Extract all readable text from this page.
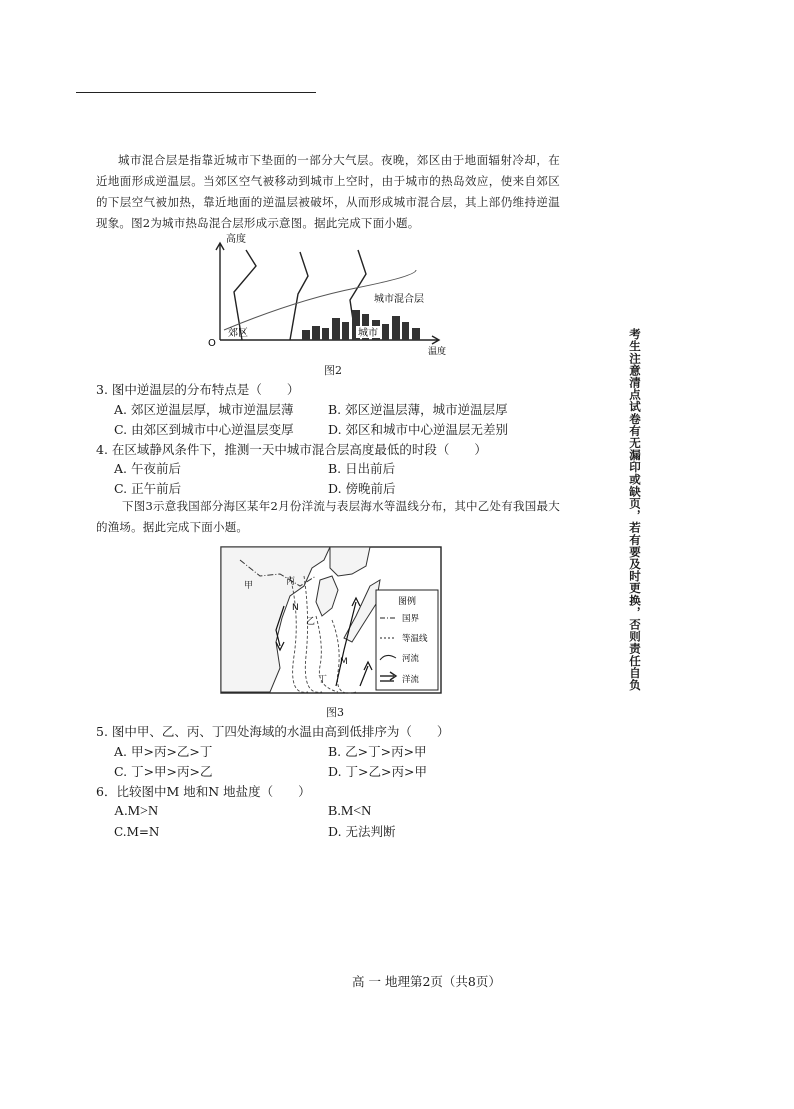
城市混合层是指靠近城市下垫面的一部分大气层。夜晚，郊区由于地面辐射冷却，在近地面形成逆温层。当郊区空气被移动到城市上空时，由于城市的热岛效应，使来自郊区的下层空气被加热，靠近地面的逆温层被破坏，从而形成城市混合层，其上部仍维持逆温现象。图2为城市热岛混合层形成示意图。据此完成下面小题。
O
高度
温度
郊区	城市
城市混合层
图2
3. 图中逆温层的分布特点是（　　）
A. 郊区逆温层厚，城市逆温层薄	B. 郊区逆温层薄，城市逆温层厚
C. 由郊区到城市中心逆温层变厚	D. 郊区和城市中心逆温层无差别
4. 在区域静风条件下，推测一天中城市混合层高度最低的时段（　　）
A. 午夜前后	B. 日出前后
C. 正午前后	D. 傍晚前后
下图3示意我国部分海区某年2月份洋流与表层海水等温线分布，其中乙处有我国最大的渔场。据此完成下面小题。
甲	丙
乙
丁
N
M
图例
国界
等温线
河流
洋流
图3
5. 图中甲、乙、丙、丁四处海域的水温由高到低排序为（　　）
A. 甲>丙>乙>丁	B. 乙>丁>丙>甲
C. 丁>甲>丙>乙	D. 丁>乙>丙>甲
6．比较图中M 地和N 地盐度（　　）
A.M>N	B.M<N
C.M=N	D. 无法判断
考生注意清点试卷有无漏印或缺页，若有要及时更换，否则责任自负
高 一 地理第2页（共8页）
